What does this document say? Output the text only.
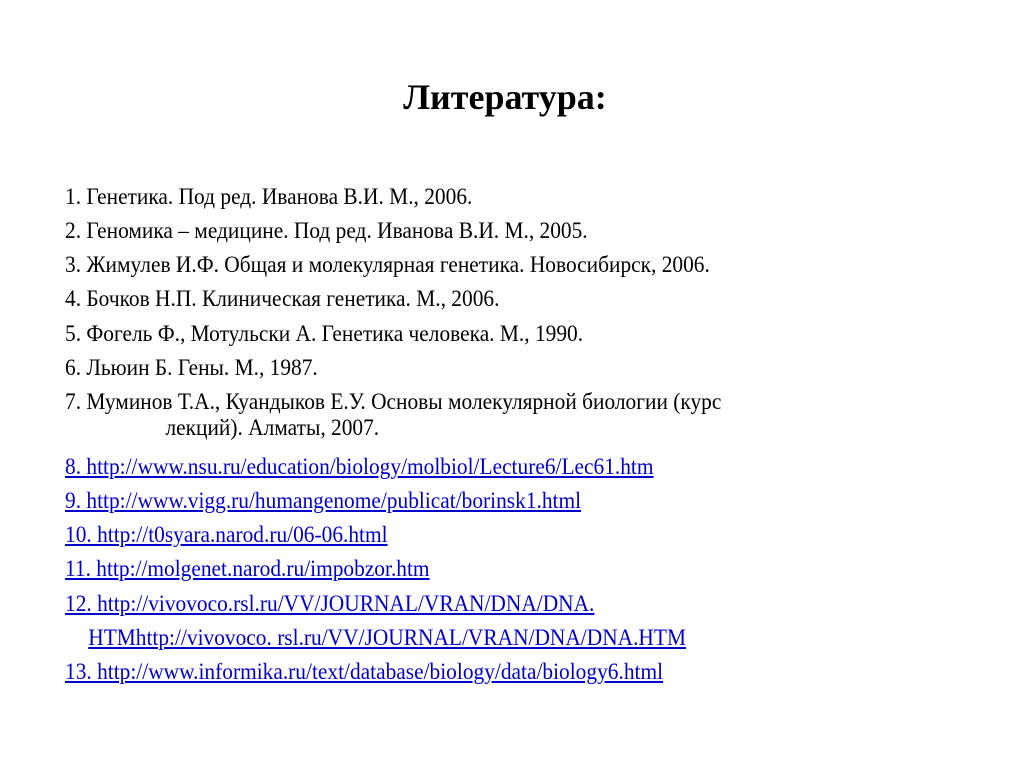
Литература:
1. Генетика. Под ред. Иванова В.И. М., 2006.
2. Геномика – медицине. Под ред. Иванова В.И. М., 2005.
3. Жимулев И.Ф. Общая и молекулярная генетика. Новосибирск, 2006.
4. Бочков Н.П. Клиническая генетика. М., 2006.
5. Фогель Ф., Мотульски А. Генетика человека. М., 1990.
6. Льюин Б. Гены. М., 1987.
7. Муминов Т.А., Куандыков Е.У. Основы молекулярной биологии (курс
лекций). Алматы, 2007.
8. http://www.nsu.ru/education/biology/molbiol/Lecture6/Lec61.htm
9. http://www.vigg.ru/humangenome/publicat/borinsk1.html
10. http://t0syara.narod.ru/06-06.html
11. http://molgenet.narod.ru/impobzor.htm
12. http://vivovoco.rsl.ru/VV/JOURNAL/VRAN/DNA/DNA.
HTMhttp://vivovoco. rsl.ru/VV/JOURNAL/VRAN/DNA/DNA.HTM
13. http://www.informika.ru/text/database/biology/data/biology6.html
